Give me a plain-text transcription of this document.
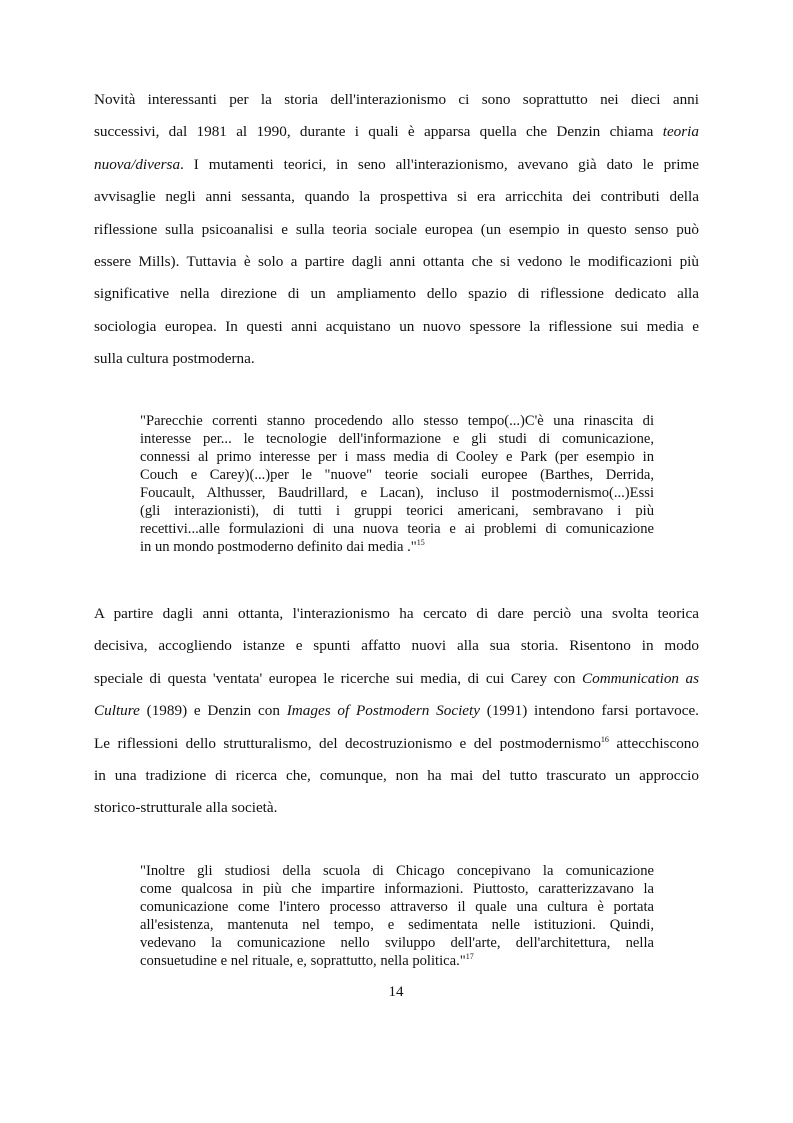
Novità interessanti per la storia dell'interazionismo ci sono soprattutto nei dieci anni
successivi, dal 1981 al 1990, durante i quali è apparsa quella che Denzin chiama teoria
nuova/diversa. I mutamenti teorici, in seno all'interazionismo, avevano già dato le prime
avvisaglie negli anni sessanta, quando la prospettiva si era arricchita dei contributi della
riflessione sulla psicoanalisi e sulla teoria sociale europea (un esempio in questo senso può
essere Mills). Tuttavia è solo a partire dagli anni ottanta che si vedono le modificazioni più
significative nella direzione di un ampliamento dello spazio di riflessione dedicato alla
sociologia europea. In questi anni acquistano un nuovo spessore la riflessione sui media e
sulla cultura postmoderna.
"Parecchie correnti stanno procedendo allo stesso tempo(...)C'è una rinascita di
interesse per... le tecnologie dell'informazione e gli studi di comunicazione,
connessi al primo interesse per i mass media di Cooley e Park (per esempio in
Couch e Carey)(...)per le "nuove" teorie sociali europee (Barthes, Derrida,
Foucault, Althusser, Baudrillard, e Lacan), incluso il postmodernismo(...)Essi
(gli interazionisti), di tutti i gruppi teorici americani, sembravano i più
recettivi...alle formulazioni di una nuova teoria e ai problemi di comunicazione
in un mondo postmoderno definito dai media ."$^{15}$
A partire dagli anni ottanta, l'interazionismo ha cercato di dare perciò una svolta teorica
decisiva, accogliendo istanze e spunti affatto nuovi alla sua storia. Risentono in modo
speciale di questa 'ventata' europea le ricerche sui media, di cui Carey con Communication as
Culture (1989) e Denzin con Images of Postmodern Society (1991) intendono farsi portavoce.
Le riflessioni dello strutturalismo, del decostruzionismo e del postmodernismo$^{16}$ attecchiscono
in una tradizione di ricerca che, comunque, non ha mai del tutto trascurato un approccio
storico-strutturale alla società.
"Inoltre gli studiosi della scuola di Chicago concepivano la comunicazione
come qualcosa in più che impartire informazioni. Piuttosto, caratterizzavano la
comunicazione come l'intero processo attraverso il quale una cultura è portata
all'esistenza, mantenuta nel tempo, e sedimentata nelle istituzioni. Quindi,
vedevano la comunicazione nello sviluppo dell'arte, dell'architettura, nella
consuetudine e nel rituale, e, soprattutto, nella politica."$^{17}$
14
